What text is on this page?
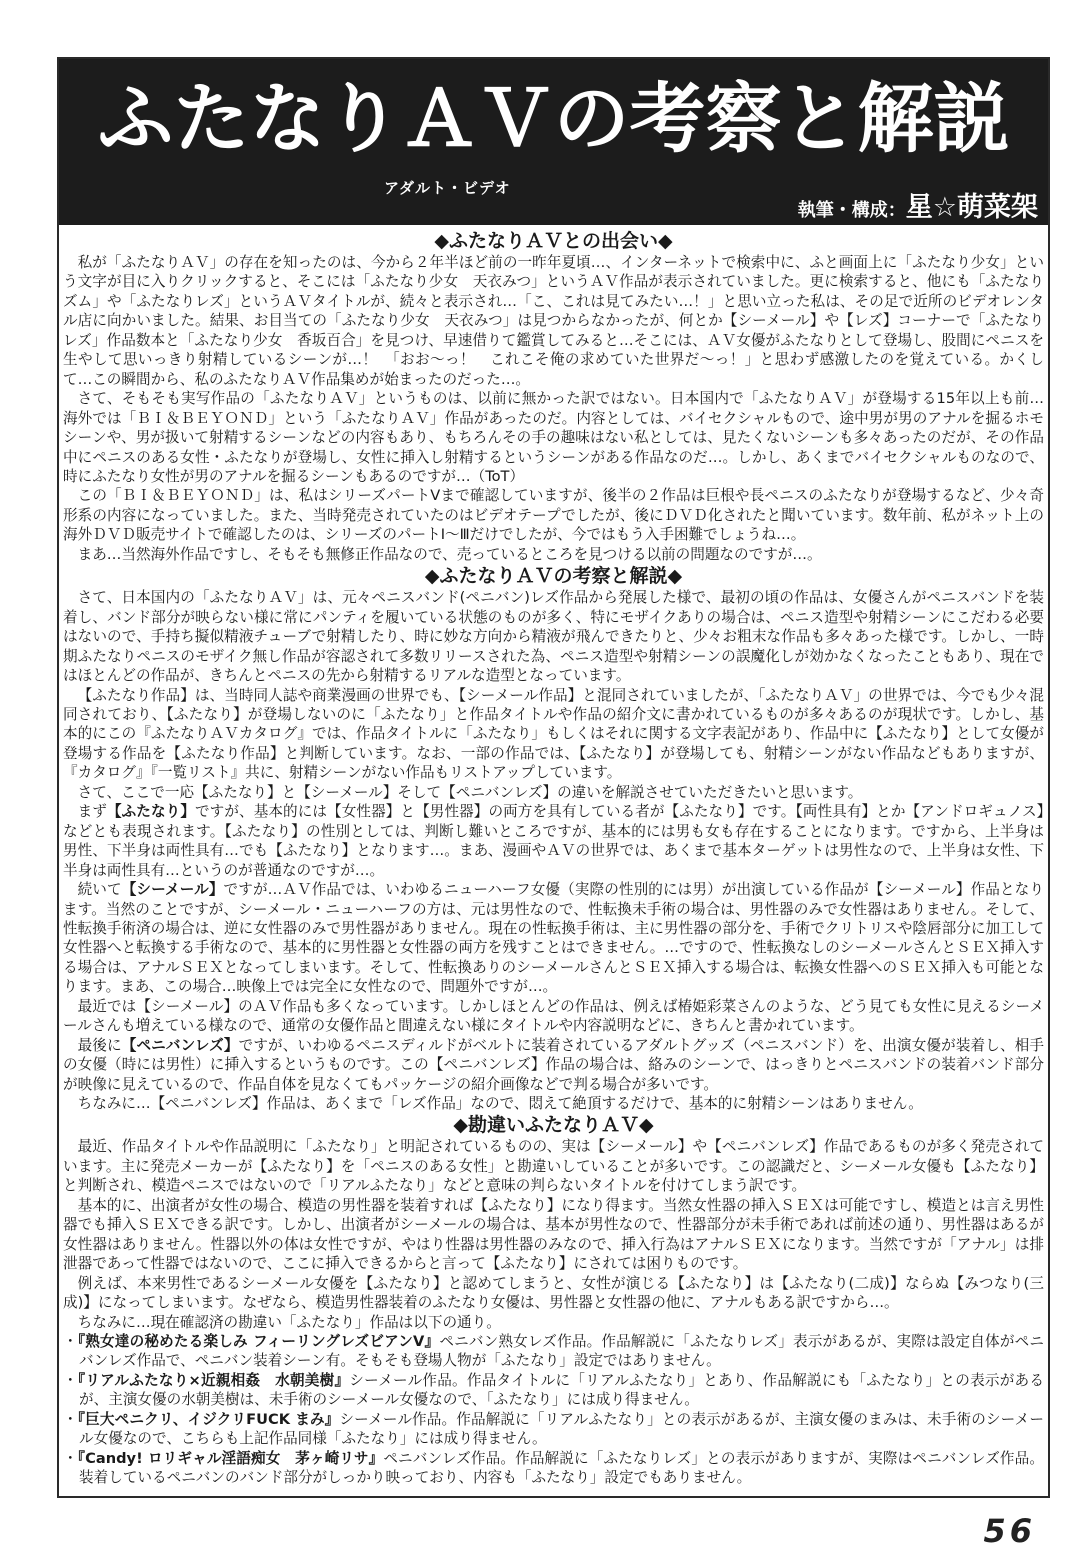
ふたなりＡＶの考察と解説
アダルト・ビデオ
執筆・構成：星☆萌菜架
◆ふたなりＡＶとの出会い◆

私が「ふたなりＡＶ」の存在を知ったのは、今から２年半ほど前の一昨年夏頃…、インターネットで検索中に、ふと画面上に「ふたなり少女」という文字が目に入りクリックすると、そこには「ふたなり少女　天衣みつ」というＡＶ作品が表示されていました。更に検索すると、他にも「ふたなりズム」や「ふたなりレズ」というＡＶタイトルが、続々と表示され…「こ、これは見てみたい…！」と思い立った私は、その足で近所のビデオレンタル店に向かいました。結果、お目当ての「ふたなり少女　天衣みつ」は見つからなかったが、何とか【シーメール】や【レズ】コーナーで「ふたなりレズ」作品数本と「ふたなり少女　香坂百合」を見つけ、早速借りて鑑賞してみると…そこには、ＡＶ女優がふたなりとして登場し、股間にペニスを生やして思いっきり射精しているシーンが…！　「おお〜っ！　これこそ俺の求めていた世界だ〜っ！」と思わず感激したのを覚えている。かくして…この瞬間から、私のふたなりＡＶ作品集めが始まったのだった…。

さて、そもそも実写作品の「ふたなりＡＶ」というものは、以前に無かった訳ではない。日本国内で「ふたなりＡＶ」が登場する15年以上も前…海外では「ＢＩ＆ＢＥＹＯＮＤ」という「ふたなりＡＶ」作品があったのだ。内容としては、バイセクシャルもので、途中男が男のアナルを掘るホモシーンや、男が扱いて射精するシーンなどの内容もあり、もちろんその手の趣味はない私としては、見たくないシーンも多々あったのだが、その作品中にペニスのある女性・ふたなりが登場し、女性に挿入し射精するというシーンがある作品なのだ…。しかし、あくまでバイセクシャルものなので、時にふたなり女性が男のアナルを掘るシーンもあるのですが…（ToT）

この「ＢＩ＆ＢＥＹＯＮＤ」は、私はシリーズパートⅤまで確認していますが、後半の２作品は巨根や長ペニスのふたなりが登場するなど、少々奇形系の内容になっていました。また、当時発売されていたのはビデオテープでしたが、後にＤＶＤ化されたと聞いています。数年前、私がネット上の海外ＤＶＤ販売サイトで確認したのは、シリーズのパートⅠ〜Ⅲだけでしたが、今ではもう入手困難でしょうね…。

まあ…当然海外作品ですし、そもそも無修正作品なので、売っているところを見つける以前の問題なのですが…。

◆ふたなりＡＶの考察と解説◆

さて、日本国内の「ふたなりＡＶ」は、元々ペニスバンド(ペニバン)レズ作品から発展した様で、最初の頃の作品は、女優さんがペニスバンドを装着し、バンド部分が映らない様に常にパンティを履いている状態のものが多く、特にモザイクありの場合は、ペニス造型や射精シーンにこだわる必要はないので、手持ち擬似精液チューブで射精したり、時に妙な方向から精液が飛んできたりと、少々お粗末な作品も多々あった様です。しかし、一時期ふたなりペニスのモザイク無し作品が容認されて多数リリースされた為、ペニス造型や射精シーンの誤魔化しが効かなくなったこともあり、現在ではほとんどの作品が、きちんとペニスの先から射精するリアルな造型となっています。

【ふたなり作品】は、当時同人誌や商業漫画の世界でも、【シーメール作品】と混同されていましたが、「ふたなりＡＶ」の世界では、今でも少々混同されており、【ふたなり】が登場しないのに「ふたなり」と作品タイトルや作品の紹介文に書かれているものが多々あるのが現状です。しかし、基本的にこの『ふたなりＡＶカタログ』では、作品タイトルに「ふたなり」もしくはそれに関する文字表記があり、作品中に【ふたなり】として女優が登場する作品を【ふたなり作品】と判断しています。なお、一部の作品では、【ふたなり】が登場しても、射精シーンがない作品などもありますが、『カタログ』『一覧リスト』共に、射精シーンがない作品もリストアップしています。

さて、ここで一応【ふたなり】と【シーメール】そして【ペニバンレズ】の違いを解説させていただきたいと思います。

まず【ふたなり】ですが、基本的には【女性器】と【男性器】の両方を具有している者が【ふたなり】です。【両性具有】とか【アンドロギュノス】などとも表現されます。【ふたなり】の性別としては、判断し難いところですが、基本的には男も女も存在することになります。ですから、上半身は男性、下半身は両性具有…でも【ふたなり】となります…。まあ、漫画やＡＶの世界では、あくまで基本ターゲットは男性なので、上半身は女性、下半身は両性具有…というのが普通なのですが…。

続いて【シーメール】ですが…ＡＶ作品では、いわゆるニューハーフ女優（実際の性別的には男）が出演している作品が【シーメール】作品となります。当然のことですが、シーメール・ニューハーフの方は、元は男性なので、性転換未手術の場合は、男性器のみで女性器はありません。そして、性転換手術済の場合は、逆に女性器のみで男性器がありません。現在の性転換手術は、主に男性器の部分を、手術でクリトリスや陰唇部分に加工して女性器へと転換する手術なので、基本的に男性器と女性器の両方を残すことはできません。…ですので、性転換なしのシーメールさんとＳＥＸ挿入する場合は、アナルＳＥＸとなってしまいます。そして、性転換ありのシーメールさんとＳＥＸ挿入する場合は、転換女性器へのＳＥＸ挿入も可能となります。まあ、この場合…映像上では完全に女性なので、問題外ですが…。

最近では【シーメール】のＡＶ作品も多くなっています。しかしほとんどの作品は、例えば椿姫彩菜さんのような、どう見ても女性に見えるシーメールさんも増えている様なので、通常の女優作品と間違えない様にタイトルや内容説明などに、きちんと書かれています。

最後に【ペニバンレズ】ですが、いわゆるペニスディルドがベルトに装着されているアダルトグッズ（ペニスバンド）を、出演女優が装着し、相手の女優（時には男性）に挿入するというものです。この【ペニバンレズ】作品の場合は、絡みのシーンで、はっきりとペニスバンドの装着バンド部分が映像に見えているので、作品自体を見なくてもパッケージの紹介画像などで判る場合が多いです。

ちなみに…【ペニバンレズ】作品は、あくまで「レズ作品」なので、悶えて絶頂するだけで、基本的に射精シーンはありません。

◆勘違いふたなりＡＶ◆

最近、作品タイトルや作品説明に「ふたなり」と明記されているものの、実は【シーメール】や【ペニバンレズ】作品であるものが多く発売されています。主に発売メーカーが【ふたなり】を「ペニスのある女性」と勘違いしていることが多いです。この認識だと、シーメール女優も【ふたなり】と判断され、模造ペニスではないので「リアルふたなり」などと意味の判らないタイトルを付けてしまう訳です。

基本的に、出演者が女性の場合、模造の男性器を装着すれば【ふたなり】になり得ます。当然女性器の挿入ＳＥＸは可能ですし、模造とは言え男性器でも挿入ＳＥＸできる訳です。しかし、出演者がシーメールの場合は、基本が男性なので、性器部分が未手術であれば前述の通り、男性器はあるが女性器はありません。性器以外の体は女性ですが、やはり性器は男性器のみなので、挿入行為はアナルＳＥＸになります。当然ですが「アナル」は排泄器であって性器ではないので、ここに挿入できるからと言って【ふたなり】にされては困りものです。

例えば、本来男性であるシーメール女優を【ふたなり】と認めてしまうと、女性が演じる【ふたなり】は【ふたなり(二成)】ならぬ【みつなり(三成)】になってしまいます。なぜなら、模造男性器装着のふたなり女優は、男性器と女性器の他に、アナルもある訳ですから…。

ちなみに…現在確認済の勘違い「ふたなり」作品は以下の通り。

・『熟女達の秘めたる楽しみ フィーリングレズビアンⅤ』ペニバン熟女レズ作品。作品解説に「ふたなりレズ」表示があるが、実際は設定自体がペニバンレズ作品で、ペニバン装着シーン有。そもそも登場人物が「ふたなり」設定ではありません。

・『リアルふたなり×近親相姦　水朝美樹』シーメール作品。作品タイトルに「リアルふたなり」とあり、作品解説にも「ふたなり」との表示があるが、主演女優の水朝美樹は、未手術のシーメール女優なので、「ふたなり」には成り得ません。

・『巨大ペニクリ、イジクリFUCK まみ』シーメール作品。作品解説に「リアルふたなり」との表示があるが、主演女優のまみは、未手術のシーメール女優なので、こちらも上記作品同様「ふたなり」には成り得ません。

・『Candy! ロリギャル淫語痴女　茅ヶ崎リサ』ペニバンレズ作品。作品解説に「ふたなりレズ」との表示がありますが、実際はペニバンレズ作品。装着しているペニバンのバンド部分がしっかり映っており、内容も「ふたなり」設定でもありません。

56
